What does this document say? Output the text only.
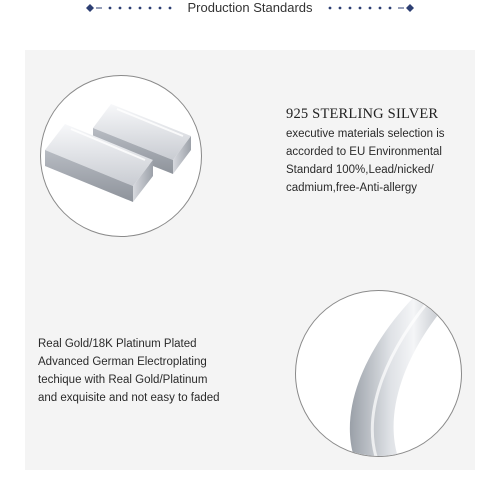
Production Standards
925 STERLING SILVER
executive materials selection is
accorded to EU Environmental
Standard 100%,Lead/nicked/
cadmium,free-Anti-allergy
Real Gold/18K Platinum Plated
Advanced German Electroplating
techique with Real Gold/Platinum
and exquisite and not easy to faded
